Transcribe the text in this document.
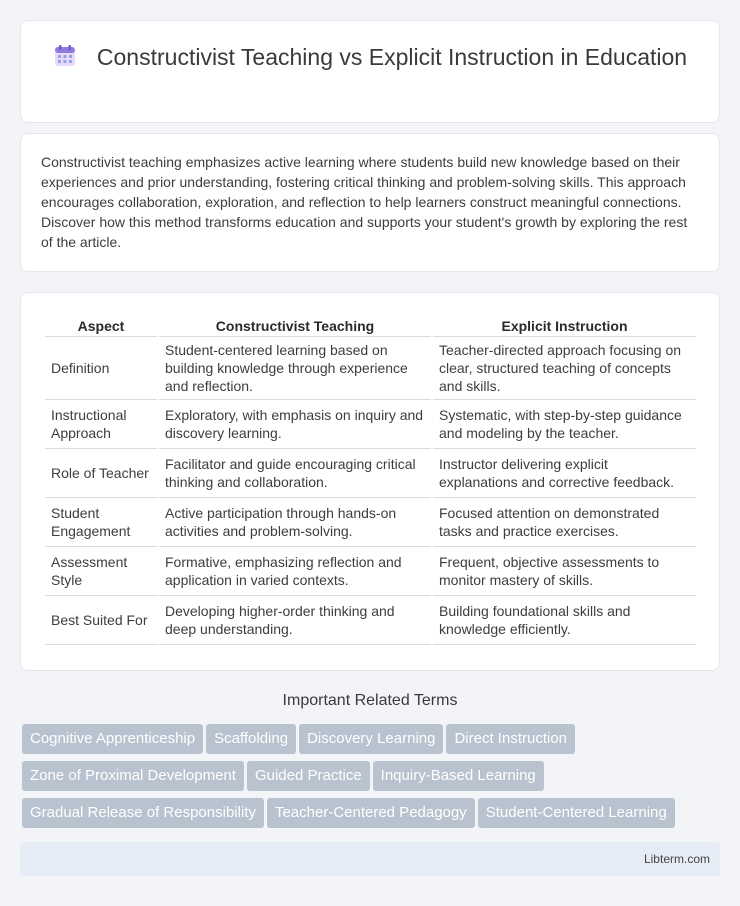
Constructivist Teaching vs Explicit Instruction in Education

Constructivist teaching emphasizes active learning where students build new knowledge based on their experiences and prior understanding, fostering critical thinking and problem-solving skills. This approach encourages collaboration, exploration, and reflection to help learners construct meaningful connections. Discover how this method transforms education and supports your student's growth by exploring the rest of the article.

Aspect	Constructivist Teaching	Explicit Instruction
Definition	Student-centered learning based on building knowledge through experience and reflection.	Teacher-directed approach focusing on clear, structured teaching of concepts and skills.
Instructional Approach	Exploratory, with emphasis on inquiry and discovery learning.	Systematic, with step-by-step guidance and modeling by the teacher.
Role of Teacher	Facilitator and guide encouraging critical thinking and collaboration.	Instructor delivering explicit explanations and corrective feedback.
Student Engagement	Active participation through hands-on activities and problem-solving.	Focused attention on demonstrated tasks and practice exercises.
Assessment Style	Formative, emphasizing reflection and application in varied contexts.	Frequent, objective assessments to monitor mastery of skills.
Best Suited For	Developing higher-order thinking and deep understanding.	Building foundational skills and knowledge efficiently.
Important Related Terms
Cognitive Apprenticeship Scaffolding Discovery Learning Direct Instruction
Zone of Proximal Development Guided Practice Inquiry-Based Learning
Gradual Release of Responsibility Teacher-Centered Pedagogy Student-Centered Learning
Libterm.com
